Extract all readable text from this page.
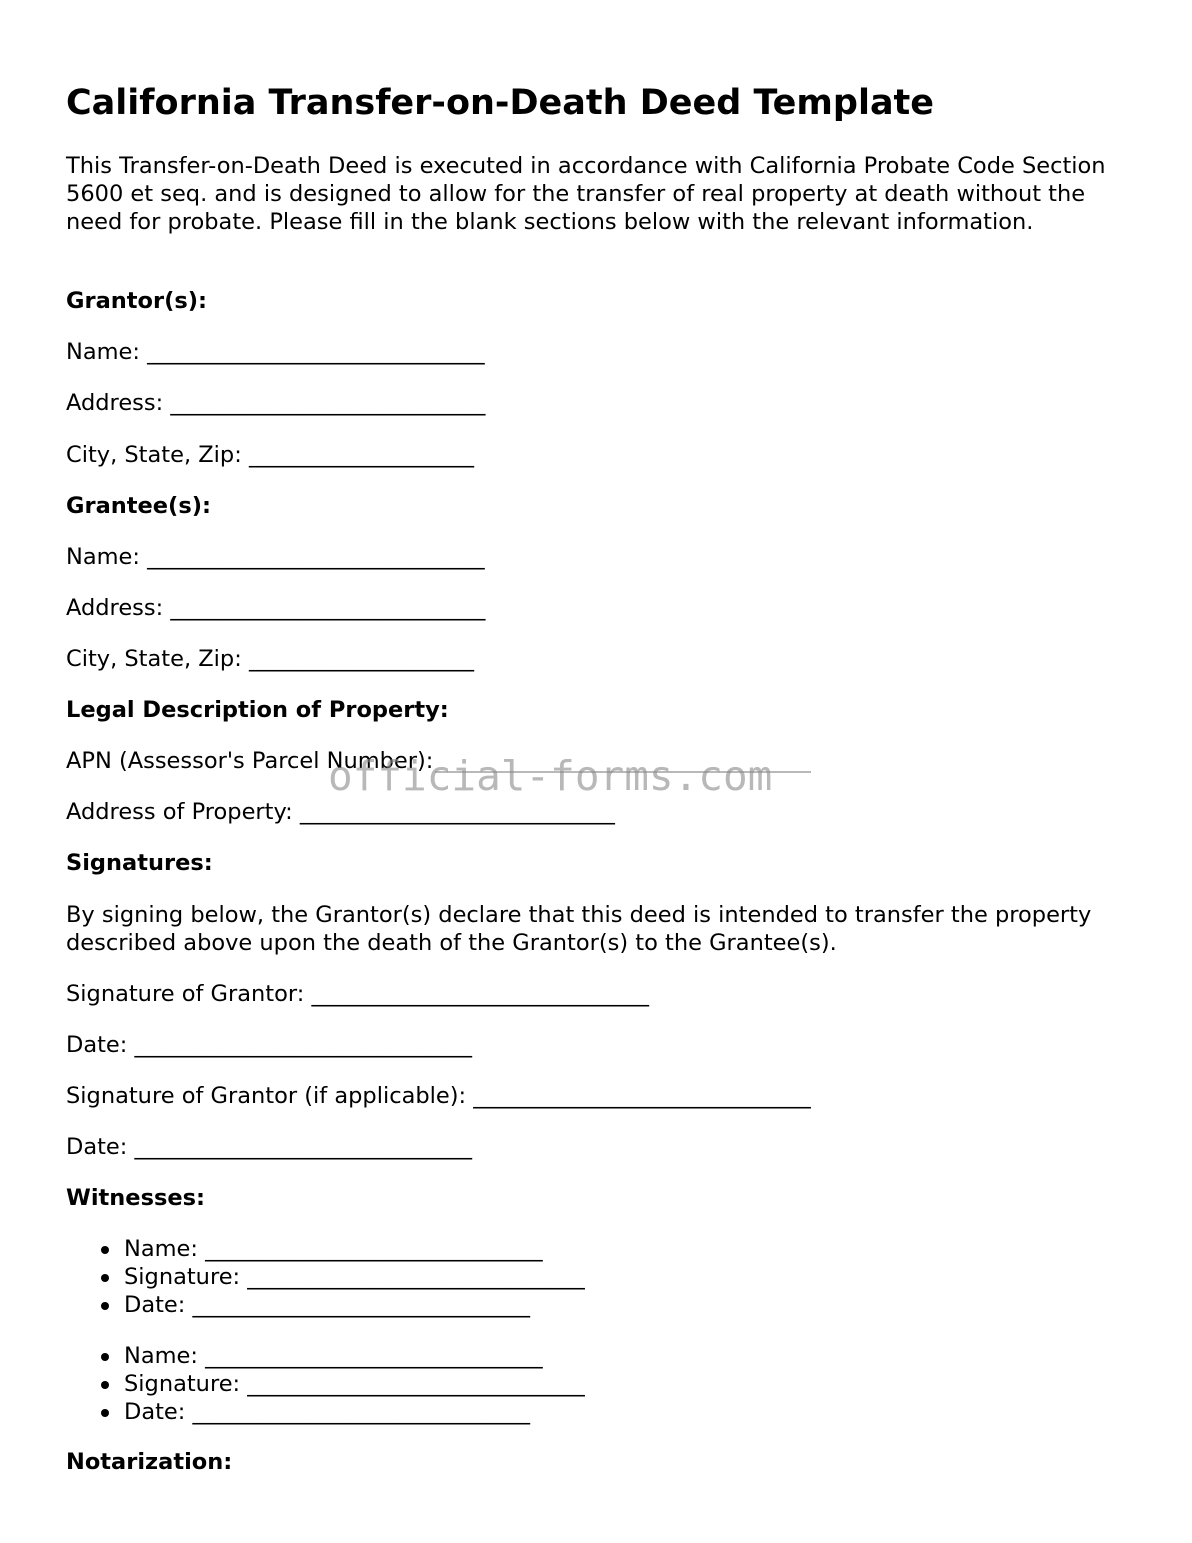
California Transfer-on-Death Deed Template

This Transfer-on-Death Deed is executed in accordance with California Probate Code Section 5600 et seq. and is designed to allow for the transfer of real property at death without the need for probate. Please fill in the blank sections below with the relevant information.

Grantor(s):

Name: ______________________________

Address: ____________________________

City, State, Zip: ____________________

Grantee(s):

Name: ______________________________

Address: ____________________________

City, State, Zip: ____________________

Legal Description of Property:

APN (Assessor's Parcel Number):

Address of Property: ____________________________

Signatures:

By signing below, the Grantor(s) declare that this deed is intended to transfer the property described above upon the death of the Grantor(s) to the Grantee(s).

Signature of Grantor: ______________________________

Date: ______________________________

Signature of Grantor (if applicable): ______________________________

Date: ______________________________

Witnesses:

Name: ______________________________
Signature: ______________________________
Date: ______________________________
Name: ______________________________
Signature: ______________________________
Date: ______________________________

Notarization:

official-forms.com
